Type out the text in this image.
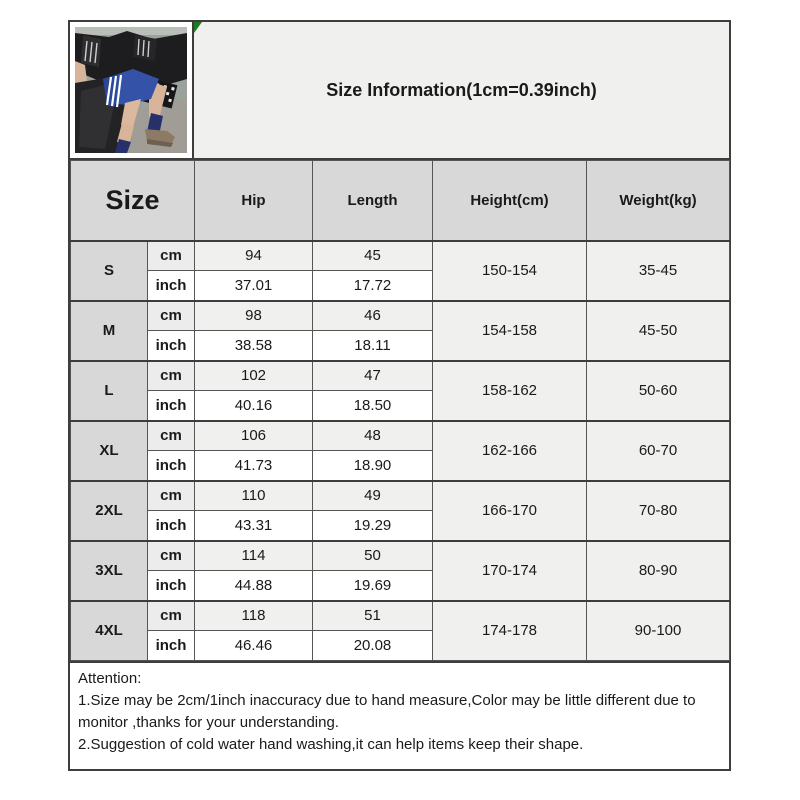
Size Information(1cm=0.39inch)
Size		Hip	Length	Height(cm)	Weight(kg)
S	cm	94	45	150-154	35-45
	inch	37.01	17.72		
M	cm	98	46	154-158	45-50
	inch	38.58	18.11		
L	cm	102	47	158-162	50-60
	inch	40.16	18.50		
XL	cm	106	48	162-166	60-70
	inch	41.73	18.90		
2XL	cm	110	49	166-170	70-80
	inch	43.31	19.29		
3XL	cm	114	50	170-174	80-90
	inch	44.88	19.69		
4XL	cm	118	51	174-178	90-100
	inch	46.46	20.08		
Attention:
1.Size may be 2cm/1inch inaccuracy due to hand measure,Color may be little different due to
monitor ,thanks for your understanding.
2.Suggestion of cold water hand washing,it can help items keep their shape.
